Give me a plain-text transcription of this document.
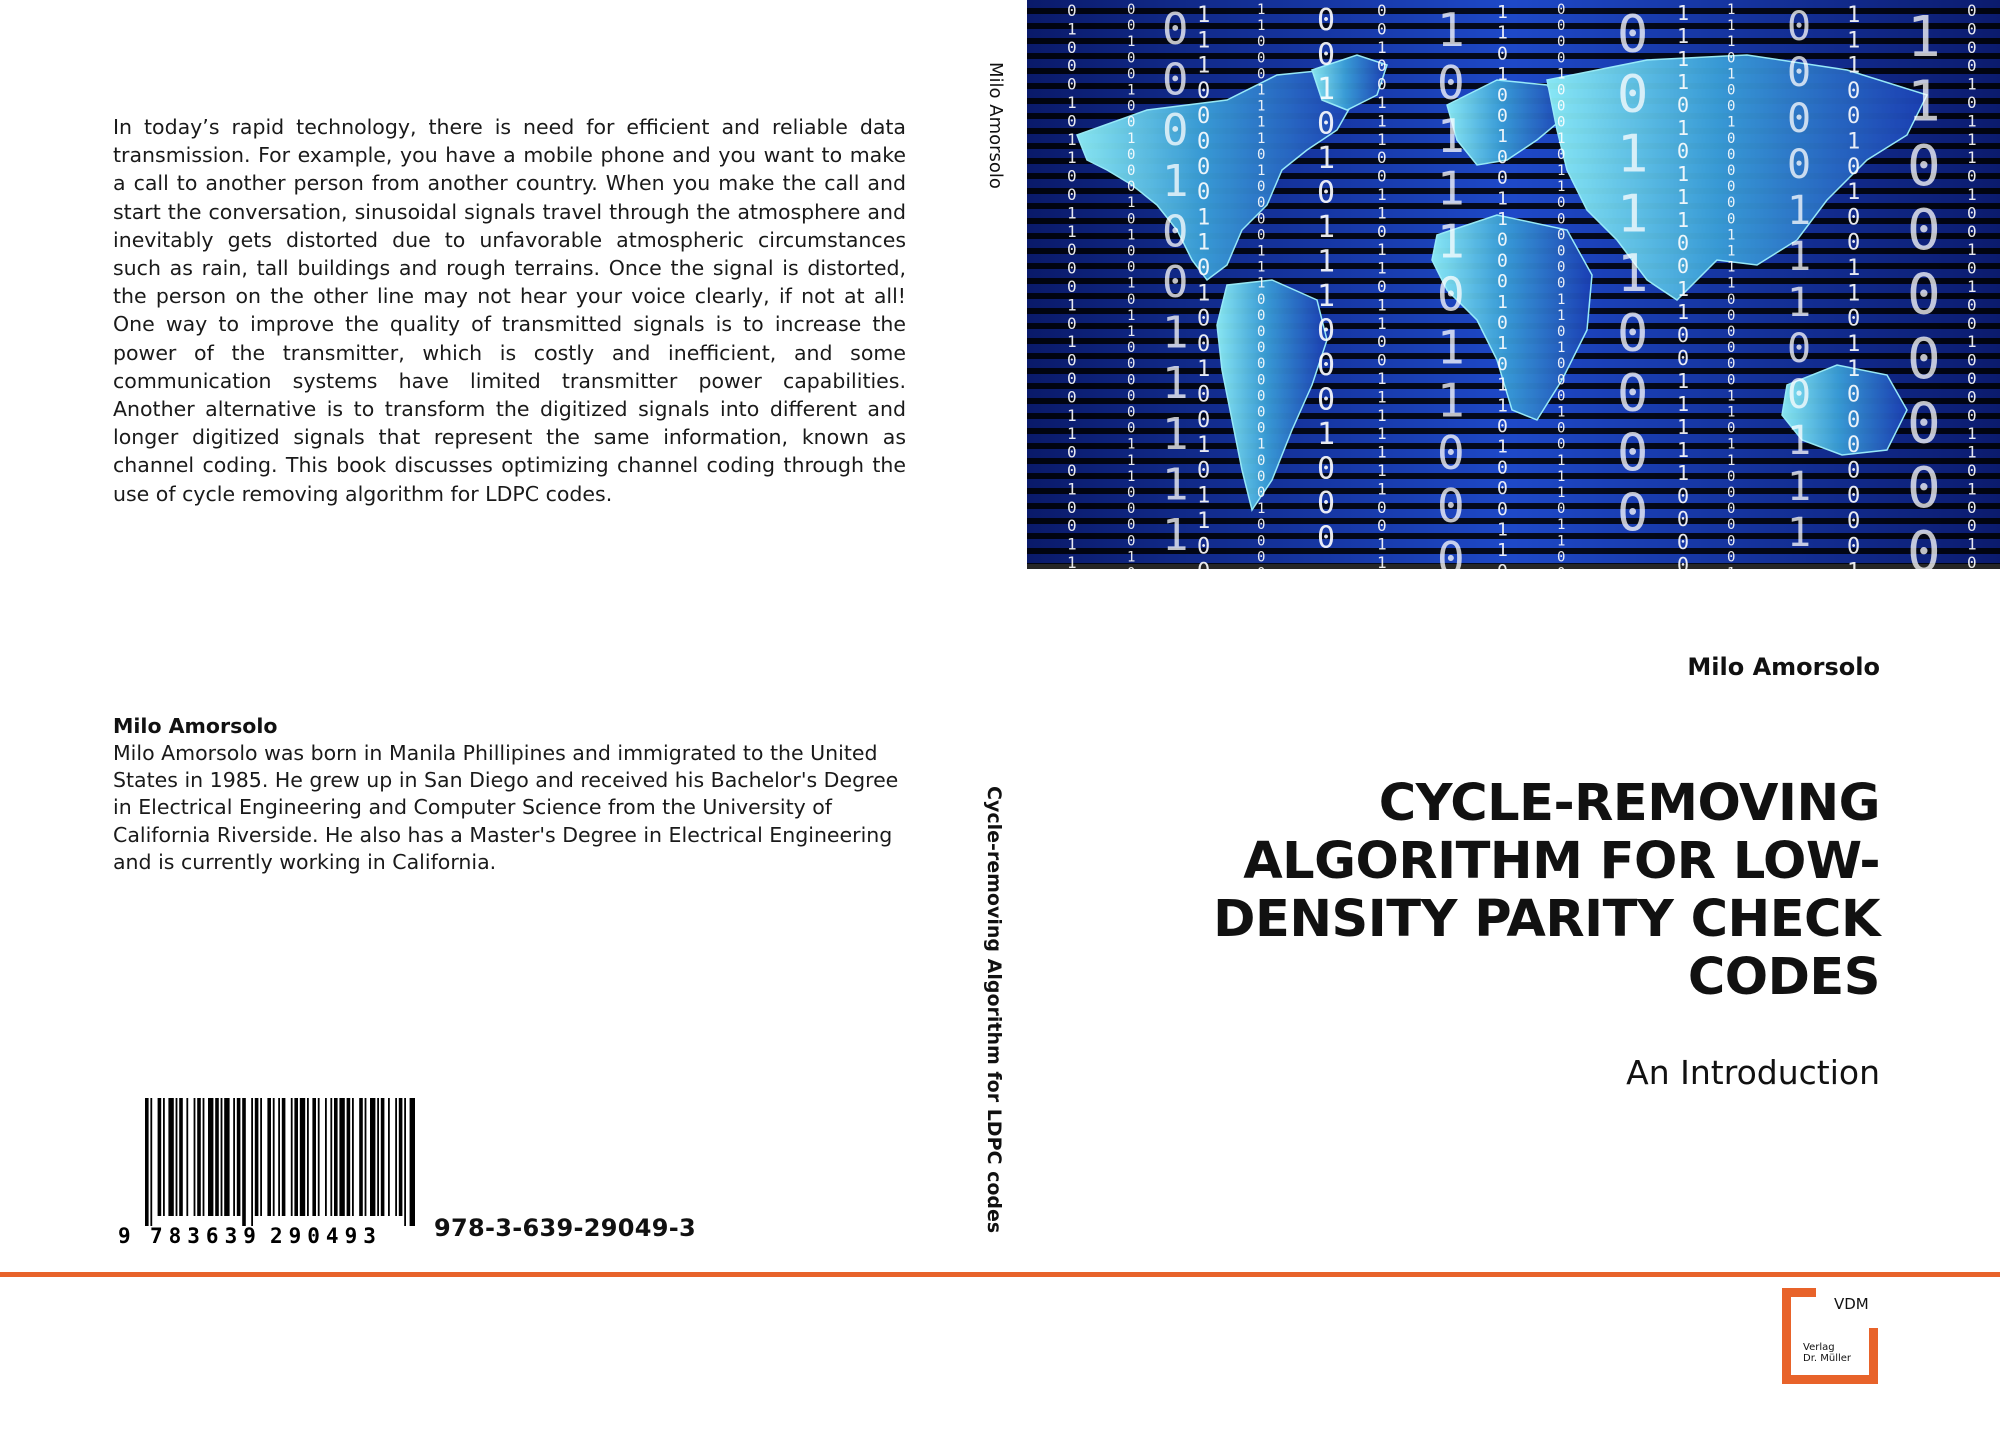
In today’s rapid technology, there is need for efficient and reliable data transmission. For example, you have a mobile phone and you want to make a call to another person from another country. When you make the call and start the conversation, sinusoidal signals travel through the atmosphere and inevitably gets distorted due to unfavorable atmospheric circumstances such as rain, tall buildings and rough terrains. Once the signal is distorted, the person on the other line may not hear your voice clearly, if not at all! One way to improve the quality of transmitted signals is to increase the power of the transmitter, which is costly and inefficient, and some communication systems have limited transmitter power capabilities. Another alternative is to transform the digitized signals into different and longer digitized signals that represent the same information, known as channel coding. This book discusses optimizing channel coding through the use of cycle removing algorithm for LDPC codes.
Milo Amorsolo
Milo Amorsolo was born in Manila Phillipines and immigrated to the United States in 1985. He grew up in San Diego and received his Bachelor's Degree in Electrical Engineering and Computer Science from the University of California Riverside. He also has a Master's Degree in Electrical Engineering and is currently working in California.
9 783639 290493 978-3-639-29049-3
Milo Amorsolo
Cycle-removing Algorithm for LDPC codes
0
1
0
0
0
1
0
1
1
0
0
1
1
0
0
0
1
0
1
0
0
0
1
1
0
0
1
0
0
1
1
0
0
1
0
0
1
0
0
1
0
0
0
1
0
1
0
0
1
0
1
1
0
0
0
0
0
0
1
1
1
0
0
0
0
1
0
0
0
0
1
0
0
1
1
1
1
1
1
1
1
0
0
0
0
0
1
1
0
1
0
0
1
0
0
1
0
1
1
0
0
1
1
0
0
0
1
1
1
1
0
1
0
0
0
0
1
1
1
0
0
0
0
0
0
0
0
0
1
0
0
0
1
0
0
0
0
0
0
1
0
1
0
1
1
1
0
0
0
1
0
0
0
0
0
1
0
0
1
1
1
0
0
1
1
0
1
1
0
1
1
0
0
1
1
1
1
1
1
1
0
0
1
1
1
0
1
1
1
0
1
1
0
0
0
1
1
0
1
0
0
1
0
0
1
1
0
0
0
1
0
1
0
1
1
0
1
0
0
0
1
1
0
0
0
0
0
1
0
0
0
1
0
1
1
0
0
0
0
0
0
1
1
0
1
0
0
0
1
0
0
1
1
1
0
1
1
0
0
0
0
1
1
1
0
0
0
0
1
1
1
1
0
1
0
1
1
1
0
0
1
1
0
0
1
1
1
1
1
0
0
0
0
1
1
1
0
1
0
0
1
0
0
0
0
0
0
1
1
1
1
0
0
0
0
0
0
1
1
0
1
1
0
0
0
0
0
0
1
0
0
0
0
1
1
1
0
0
1
1
1
1
1
1
0
0
1
0
1
0
0
1
1
0
1
1
0
0
0
0
0
0
0
1
1
1
0
0
0
0
0
0
0
0
0
0
0
1
0
1
1
1
0
1
0
0
1
0
1
0
0
1
0
0
0
0
1
1
0
1
0
0
1
0
Milo Amorsolo
CYCLE-REMOVING
ALGORITHM FOR LOW-
DENSITY PARITY CHECK
CODES
An Introduction
VDM
Verlag
Dr. Müller
